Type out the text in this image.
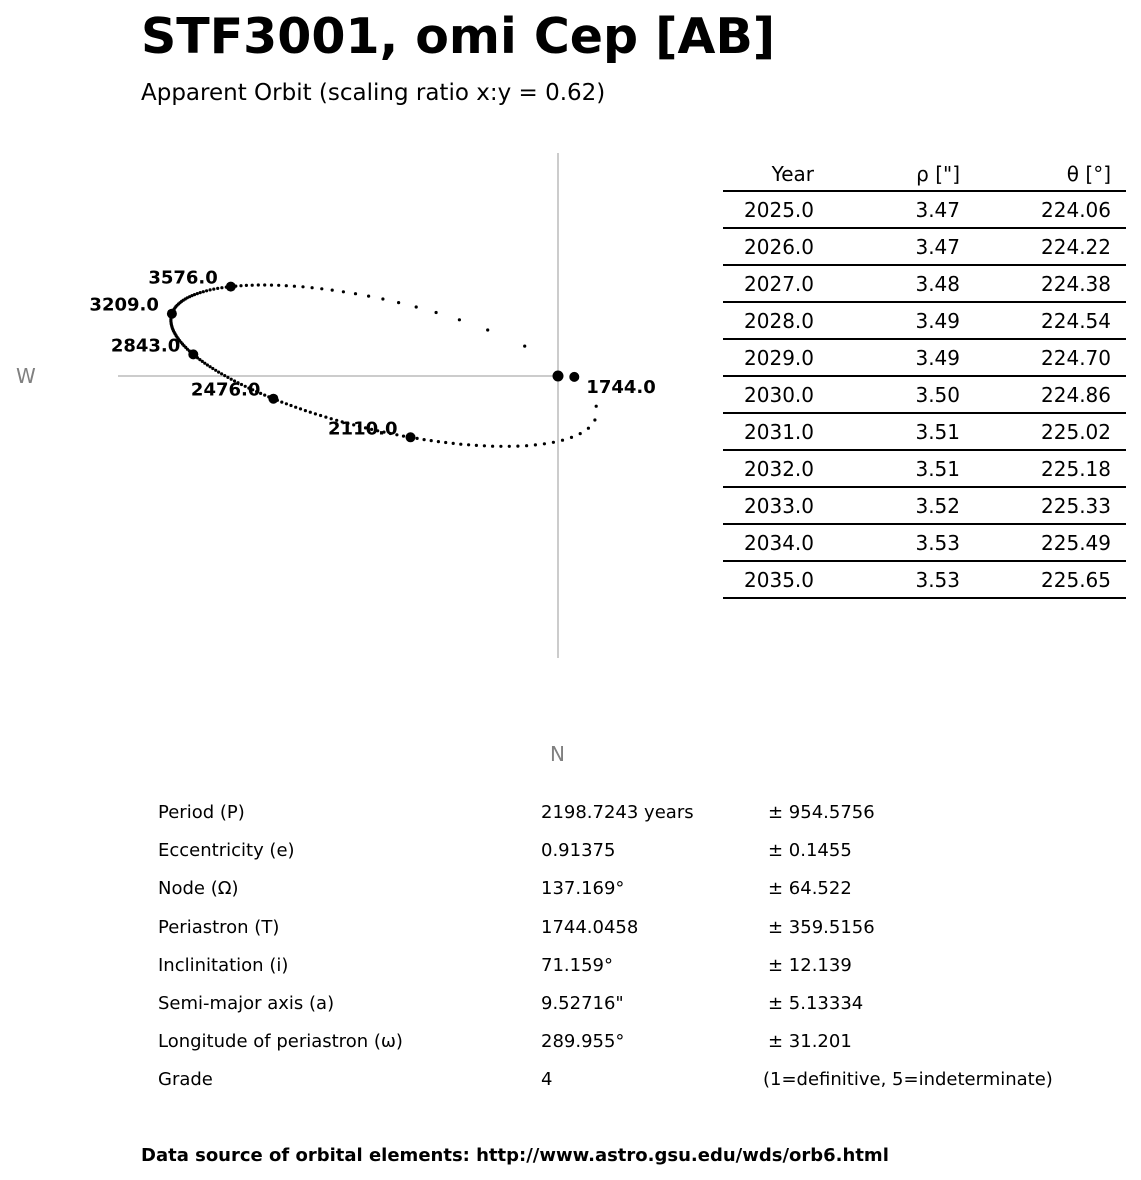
STF3001, omi Cep [AB]
Apparent Orbit (scaling ratio x:y = 0.62)
W
N
1744.0
2110.0
2476.0
2843.0
3209.0
3576.0
Year	ρ ["]	θ [°]
2025.0	3.47	224.06
2026.0	3.47	224.22
2027.0	3.48	224.38
2028.0	3.49	224.54
2029.0	3.49	224.70
2030.0	3.50	224.86
2031.0	3.51	225.02
2032.0	3.51	225.18
2033.0	3.52	225.33
2034.0	3.53	225.49
2035.0	3.53	225.65
Period (P)	2198.7243 years	± 954.5756
Eccentricity (e)	0.91375	± 0.1455
Node (Ω)	137.169°	± 64.522
Periastron (T)	1744.0458	± 359.5156
Inclinitation (i)	71.159°	± 12.139
Semi-major axis (a)	9.52716"	± 5.13334
Longitude of periastron (ω)	289.955°	± 31.201
Grade	4	(1=definitive, 5=indeterminate)
Data source of orbital elements: http://www.astro.gsu.edu/wds/orb6.html
